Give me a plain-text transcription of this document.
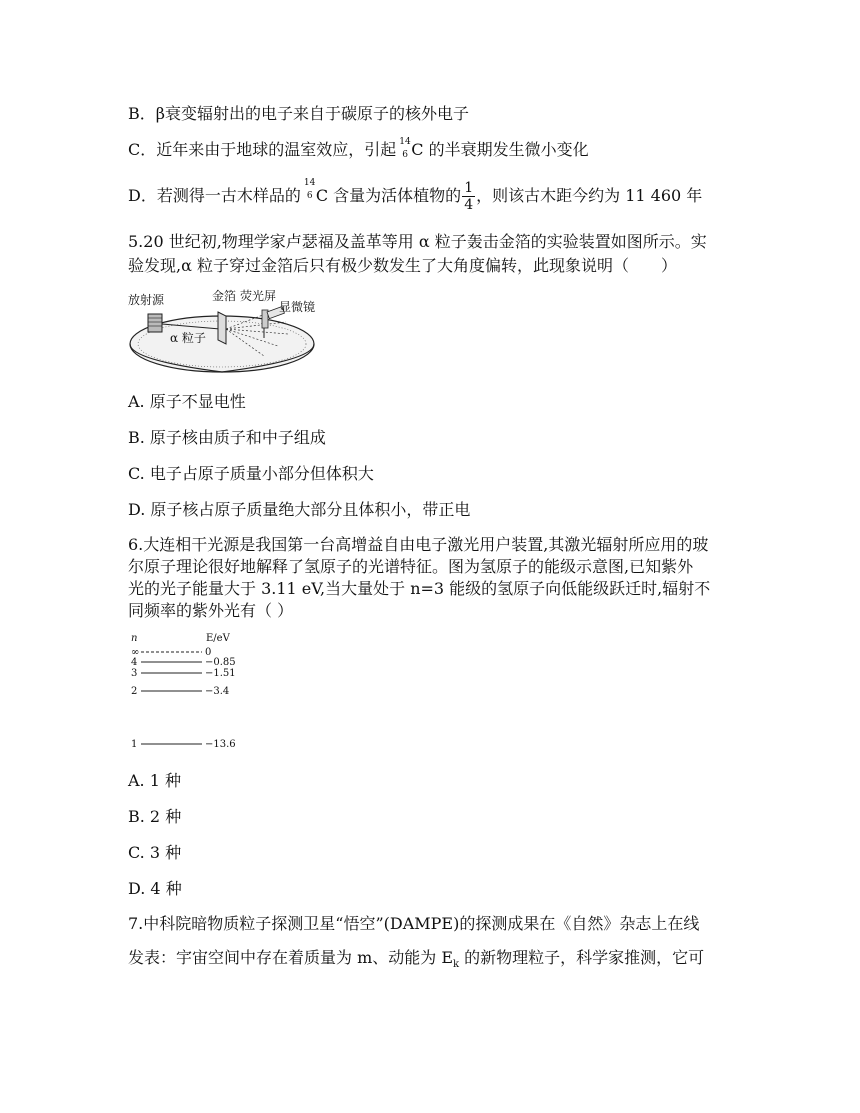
B．β衰变辐射出的电子来自于碳原子的核外电子
C．近年来由于地球的温室效应，引起 14
6 C 的半衰期发生微小变化
D．若测得一古木样品的
14
6 C 含量为活体植物的 $\frac{1}{4}$ ，则该古木距今约为 11 460 年
5.20 世纪初,物理学家卢瑟福及盖革等用 α 粒子轰击金箔的实验装置如图所示。实
验发现,α 粒子穿过金箔后只有极少数发生了大角度偏转，此现象说明（　　）
放射源	金箔 荧光屏
显微镜
α 粒子
A. 原子不显电性
B. 原子核由质子和中子组成
C. 电子占原子质量小部分但体积大
D. 原子核占原子质量绝大部分且体积小，带正电
6.大连相干光源是我国第一台高增益自由电子激光用户装置,其激光辐射所应用的玻
尔原子理论很好地解释了氢原子的光谱特征。图为氢原子的能级示意图,已知紫外
光的光子能量大于 3.11 eV,当大量处于 n=3 能级的氢原子向低能级跃迁时,辐射不
同频率的紫外光有（ ）
n	E/eV
∞
4
3
2
1
0
−0.85
−1.51
−3.4
−13.6
A. 1 种
B. 2 种
C. 3 种
D. 4 种
7.中科院暗物质粒子探测卫星“悟空”(DAMPE)的探测成果在《自然》杂志上在线
发表：宇宙空间中存在着质量为 m、动能为 $E_k$ 的新物理粒子，科学家推测，它可
